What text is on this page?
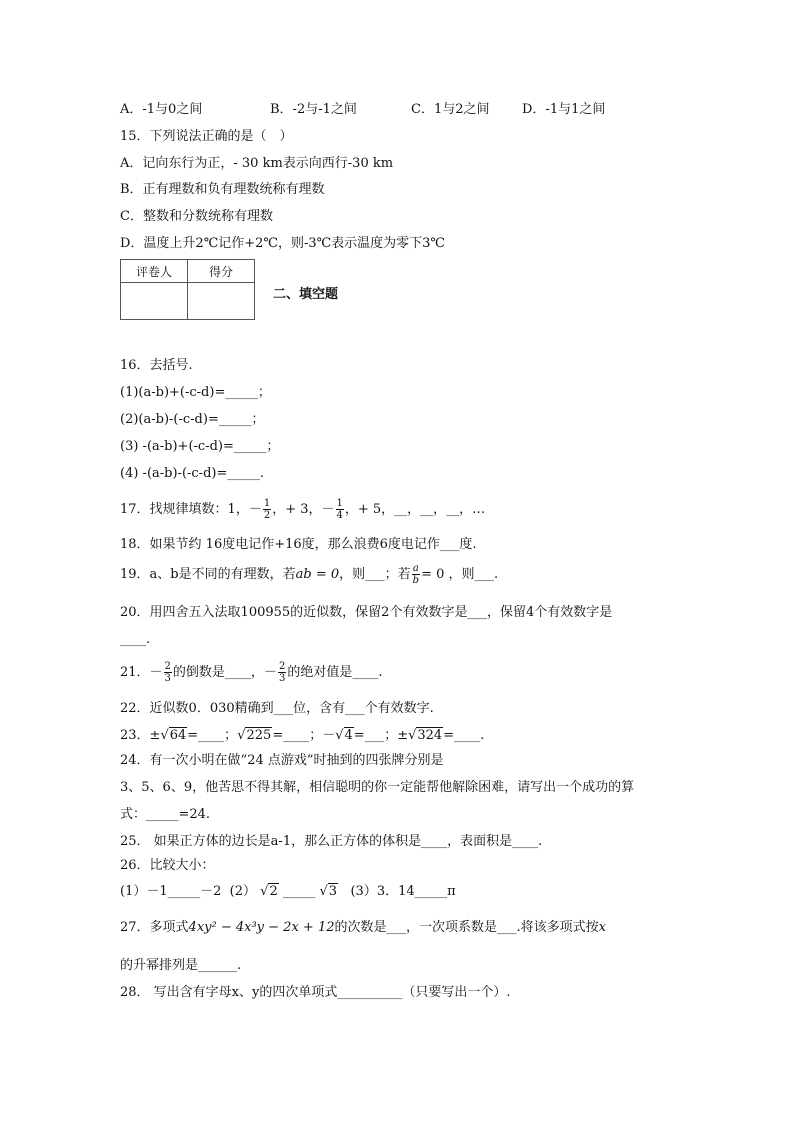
A．-1与0之间	B．-2与-1之间	C．1与2之间	D．-1与1之间
15．下列说法正确的是（　）
A．记向东行为正，- 30 km表示向西行-30 km
B．正有理数和负有理数统称有理数
C．整数和分数统称有理数
D．温度上升2℃记作+2℃，则-3℃表示温度为零下3℃
评卷人	得分

二、填空题
16．去括号.
(1)(a-b)+(-c-d)=_____；
(2)(a-b)-(-c-d)=_____；
(3) -(a-b)+(-c-d)=_____；
(4) -(a-b)-(-c-d)=_____.
17．找规律填数：1，－ $\frac{1}{2}$ ，+ 3，－ $\frac{1}{4}$ ，+ 5，__，__，__，…
18．如果节约 16度电记作+16度，那么浪费6度电记作___度.
19．a、b是不同的有理数，若ab = 0，则___；若 $\frac{a}{b} = 0$ ，则___.
20．用四舍五入法取100955的近似数，保留2个有效数字是___，保留4个有效数字是
____.
21．－ $\frac{2}{3}$ 的倒数是____，－ $\frac{2}{3}$ 的绝对值是____.
22．近似数0．030精确到___位，含有___个有效数字.
23．±√64=____；√225=____；－√4=___；±√324=____.
24．有一次小明在做“24 点游戏”时抽到的四张牌分别是
3、5、6、9，他苦思不得其解，相信聪明的你一定能帮他解除困难，请写出一个成功的算
式：_____=24.
25． 如果正方体的边长是a-1，那么正方体的体积是____，表面积是____.
26．比较大小：
(1）－1_____－2 (2） √2 _____ √3 (3）3．14_____π
27．多项式4xy² − 4x³y − 2x + 12的次数是___，一次项系数是___.将该多项式按x
的升幂排列是______.
28． 写出含有字母x、y的四次单项式__________（只要写出一个）.
